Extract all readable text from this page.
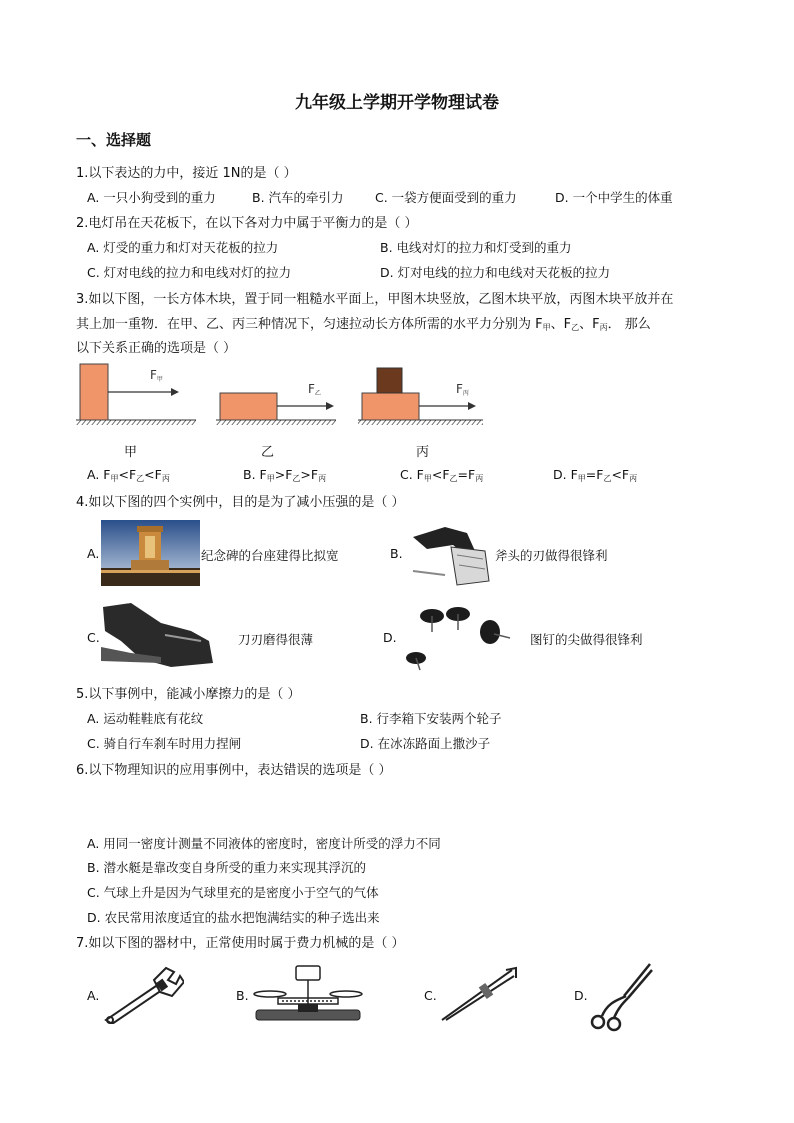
九年级上学期开学物理试卷
一、选择题
1.以下表达的力中，接近 1N的是（ ）
A. 一只小狗受到的重力	B. 汽车的牵引力	C. 一袋方便面受到的重力	D. 一个中学生的体重
2.电灯吊在天花板下，在以下各对力中属于平衡力的是（ ）
A. 灯受的重力和灯对天花板的拉力	B. 电线对灯的拉力和灯受到的重力
C. 灯对电线的拉力和电线对灯的拉力	D. 灯对电线的拉力和电线对天花板的拉力
3.如以下图，一长方体木块，置于同一粗糙水平面上，甲图木块竖放，乙图木块平放，丙图木块平放并在
其上加一重物．在甲、乙、丙三种情况下，匀速拉动长方体所需的水平力分别为 $F_甲$、$F_乙$、$F_丙$． 那么
以下关系正确的选项是（ ）
F甲
F乙	F丙
甲	乙	丙
A. $F_甲<F_乙<F_丙$	B. $F_甲>F_乙>F_丙$	C. $F_甲<F_乙=F_丙$	D. $F_甲=F_乙<F_丙$
4.如以下图的四个实例中，目的是为了减小压强的是（ ）
A.	纪念碑的台座建得比拟宽	B.	斧头的刃做得很锋利
C.	刀刃磨得很薄	D.	图钉的尖做得很锋利
5.以下事例中，能减小摩擦力的是（ ）
A. 运动鞋鞋底有花纹	B. 行李箱下安装两个轮子
C. 骑自行车刹车时用力捏闸	D. 在冰冻路面上撒沙子
6.以下物理知识的应用事例中，表达错误的选项是（ ）
A. 用同一密度计测量不同液体的密度时，密度计所受的浮力不同
B. 潜水艇是靠改变自身所受的重力来实现其浮沉的
C. 气球上升是因为气球里充的是密度小于空气的气体
D. 农民常用浓度适宜的盐水把饱满结实的种子选出来
7.如以下图的器材中，正常使用时属于费力机械的是（ ）
A.	B.	C.	D.
